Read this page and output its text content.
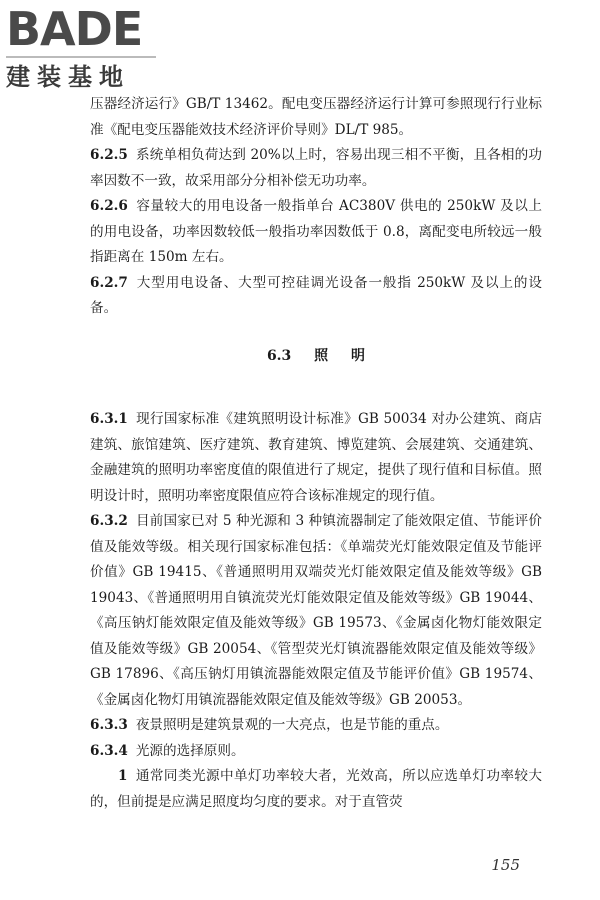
BADE
建装基地

压器经济运行》GB/T 13462。配电变压器经济运行计算可参照现行行业标准《配电变压器能效技术经济评价导则》DL/T 985。

6.2.5 系统单相负荷达到 20%以上时，容易出现三相不平衡，且各相的功率因数不一致，故采用部分分相补偿无功功率。

6.2.6 容量较大的用电设备一般指单台 AC380V 供电的 250kW 及以上的用电设备，功率因数较低一般指功率因数低于 0.8，离配变电所较远一般指距离在 150m 左右。

6.2.7 大型用电设备、大型可控硅调光设备一般指 250kW 及以上的设备。

6.3 照 明

6.3.1 现行国家标准《建筑照明设计标准》GB 50034 对办公建筑、商店建筑、旅馆建筑、医疗建筑、教育建筑、博览建筑、会展建筑、交通建筑、金融建筑的照明功率密度值的限值进行了规定，提供了现行值和目标值。照明设计时，照明功率密度限值应符合该标准规定的现行值。

6.3.2 目前国家已对 5 种光源和 3 种镇流器制定了能效限定值、节能评价值及能效等级。相关现行国家标准包括：《单端荧光灯能效限定值及节能评价值》GB 19415、《普通照明用双端荧光灯能效限定值及能效等级》GB 19043、《普通照明用自镇流荧光灯能效限定值及能效等级》GB 19044、《高压钠灯能效限定值及能效等级》GB 19573、《金属卤化物灯能效限定值及能效等级》GB 20054、《管型荧光灯镇流器能效限定值及能效等级》GB 17896、《高压钠灯用镇流器能效限定值及节能评价值》GB 19574、《金属卤化物灯用镇流器能效限定值及能效等级》GB 20053。

6.3.3 夜景照明是建筑景观的一大亮点，也是节能的重点。

6.3.4 光源的选择原则。

1 通常同类光源中单灯功率较大者，光效高，所以应选单灯功率较大的，但前提是应满足照度均匀度的要求。对于直管荧

155
